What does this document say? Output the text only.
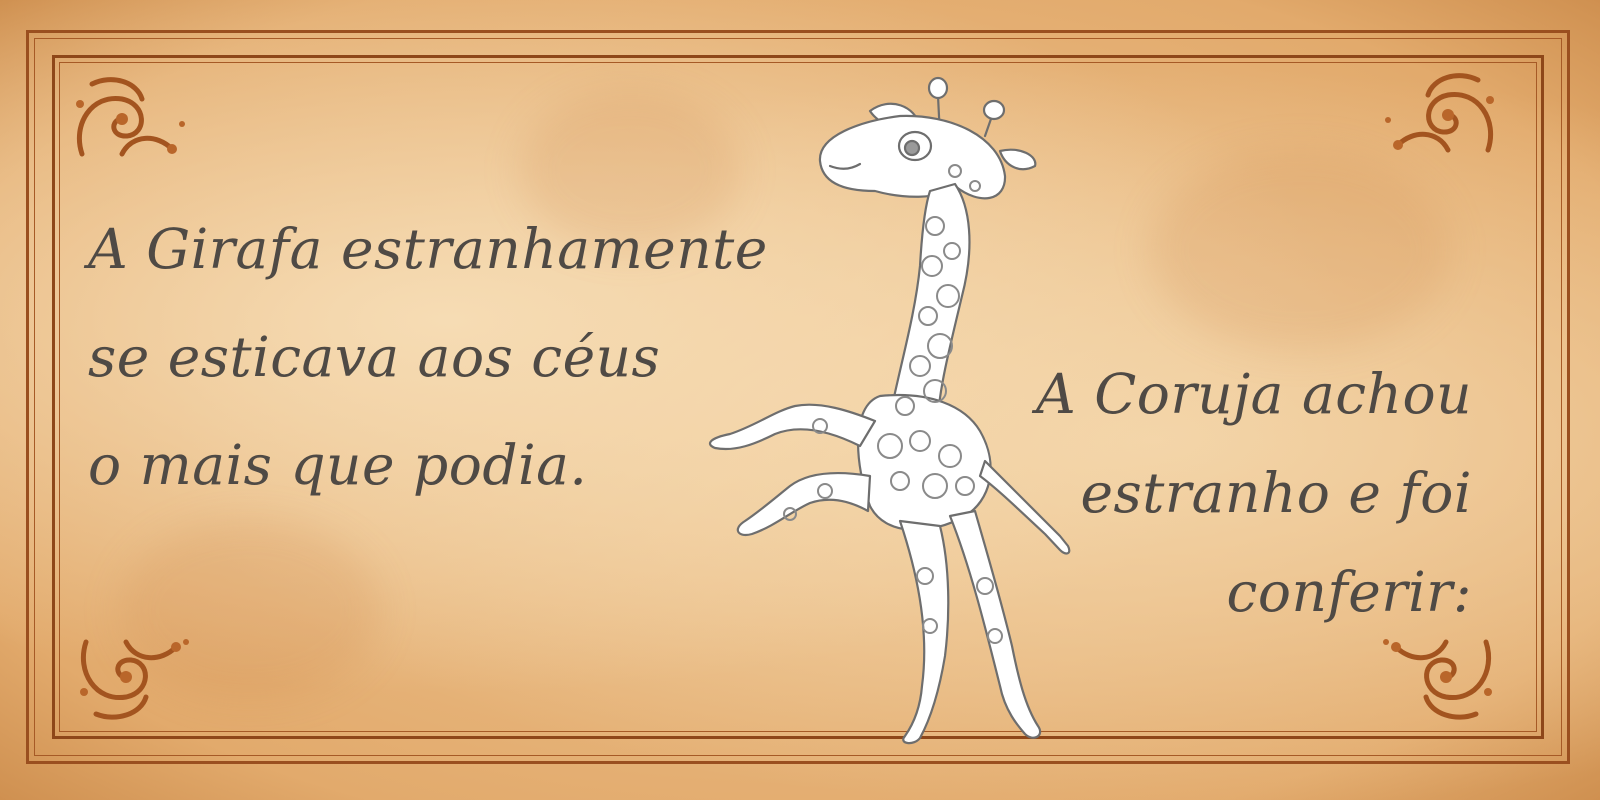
A Girafa estranhamente
se esticava aos céus
o mais que podia.
A Coruja achou
estranho e foi
conferir:
